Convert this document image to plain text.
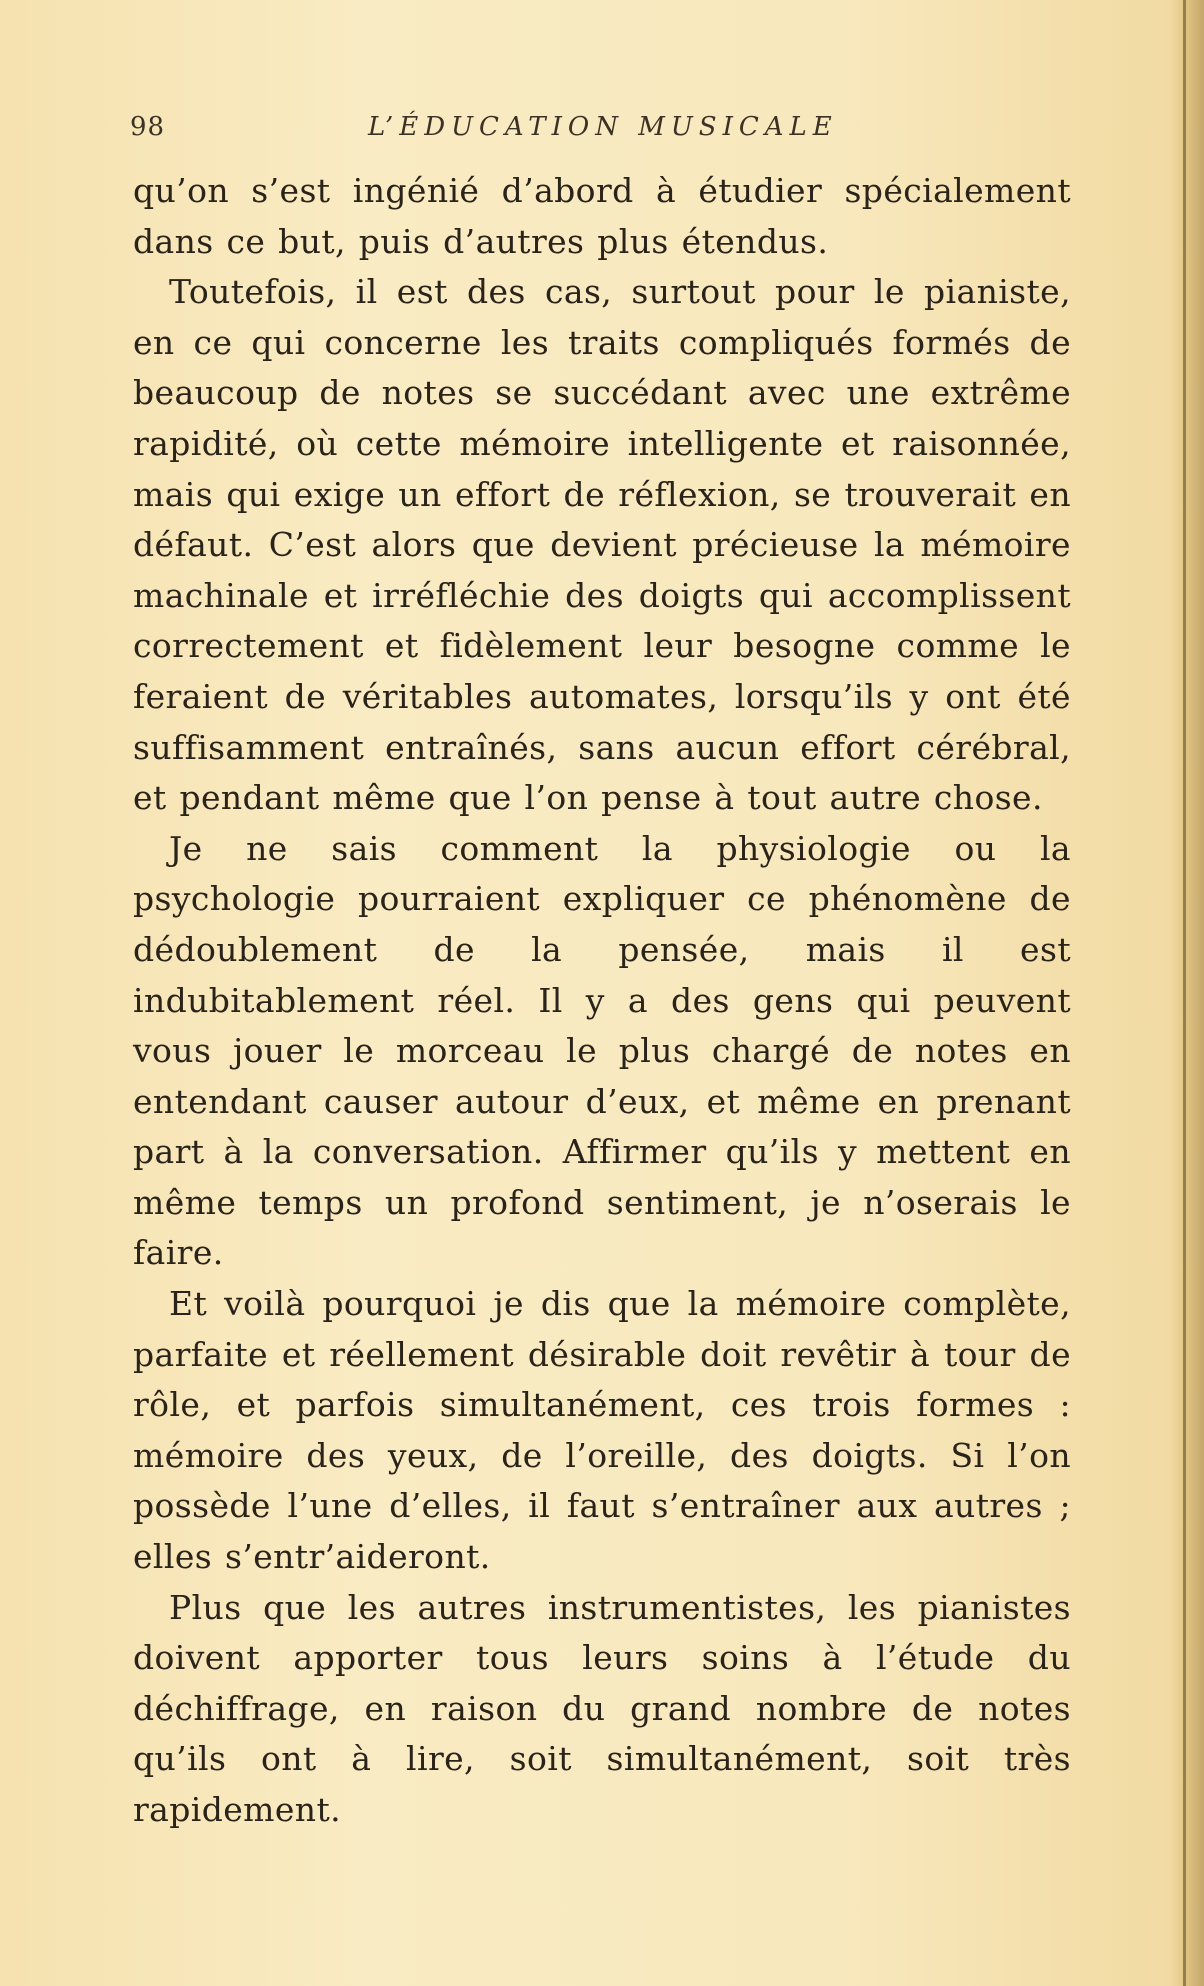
98	L’ÉDUCATION MUSICALE

qu’on s’est ingénié d’abord à étudier spécialement dans ce but, puis d’autres plus étendus.

Toutefois, il est des cas, surtout pour le pianiste, en ce qui concerne les traits compliqués formés de beaucoup de notes se succédant avec une extrême rapidité, où cette mémoire intelligente et raisonnée, mais qui exige un effort de réflexion, se trouverait en défaut. C’est alors que devient précieuse la mémoire machinale et irréfléchie des doigts qui accomplissent correctement et fidèlement leur besogne comme le feraient de véritables automates, lorsqu’ils y ont été suffisamment entraînés, sans aucun effort cérébral, et pendant même que l’on pense à tout autre chose.

Je ne sais comment la physiologie ou la psychologie pourraient expliquer ce phénomène de dédoublement de la pensée, mais il est indubitablement réel. Il y a des gens qui peuvent vous jouer le morceau le plus chargé de notes en entendant causer autour d’eux, et même en prenant part à la conversation. Affirmer qu’ils y mettent en même temps un profond sentiment, je n’oserais le faire.

Et voilà pourquoi je dis que la mémoire complète, parfaite et réellement désirable doit revêtir à tour de rôle, et parfois simultanément, ces trois formes : mémoire des yeux, de l’oreille, des doigts. Si l’on possède l’une d’elles, il faut s’entraîner aux autres ; elles s’entr’aideront.

Plus que les autres instrumentistes, les pianistes doivent apporter tous leurs soins à l’étude du déchiffrage, en raison du grand nombre de notes qu’ils ont à lire, soit simultanément, soit très rapidement.
